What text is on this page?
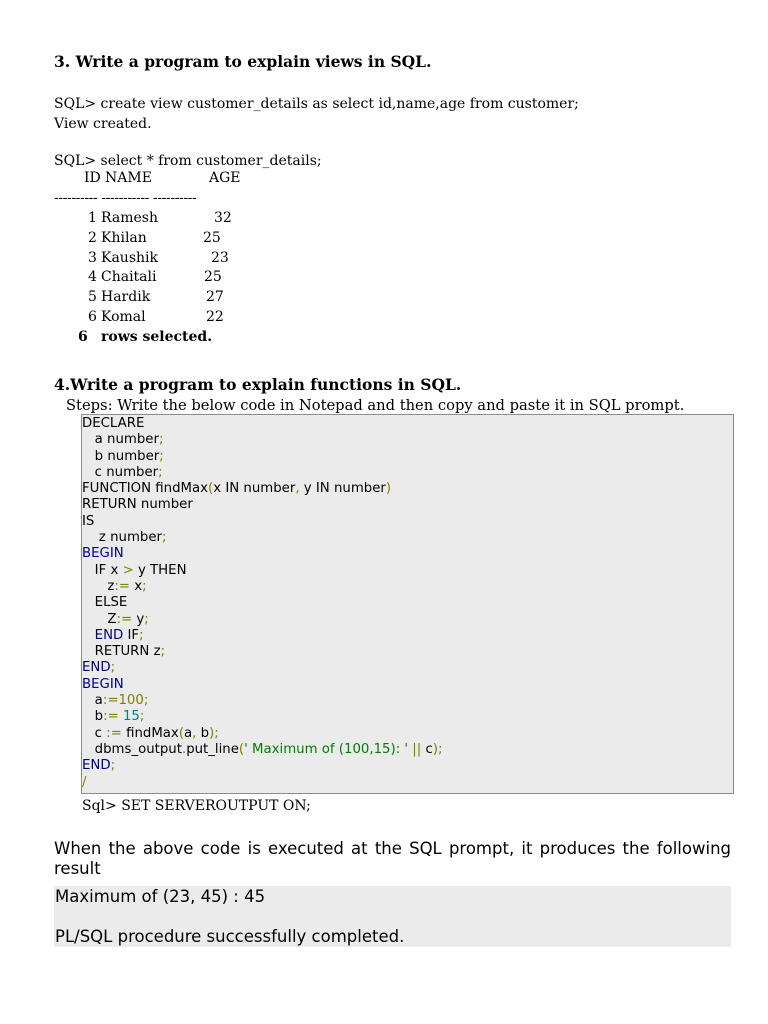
3. Write a program to explain views in SQL.
SQL> create view customer_details as select id,name,age from customer;
View created.
SQL> select * from customer_details;
ID NAME	AGE
---------- ----------- ----------
1 Ramesh	32
2 Khilan	25
3 Kaushik	23
4 Chaitali	25
5 Hardik	27
6 Komal	22
6 rows selected.
4.Write a program to explain functions in SQL.
Steps: Write the below code in Notepad and then copy and paste it in SQL prompt.
DECLARE
a number;
b number;
c number;
FUNCTION findMax(x IN number, y IN number)
RETURN number
IS
z number;
BEGIN
IF x > y THEN
z:= x;
ELSE
Z:= y;
END IF;
RETURN z;
END;
BEGIN
a:=100;
b:= 15;
c := findMax(a, b);
dbms_output.put_line(' Maximum of (100,15): ' || c);
END;
/
Sql> SET SERVEROUTPUT ON;
When the above code is executed at the SQL prompt, it produces the following result
Maximum of (23, 45) : 45
PL/SQL procedure successfully completed.
